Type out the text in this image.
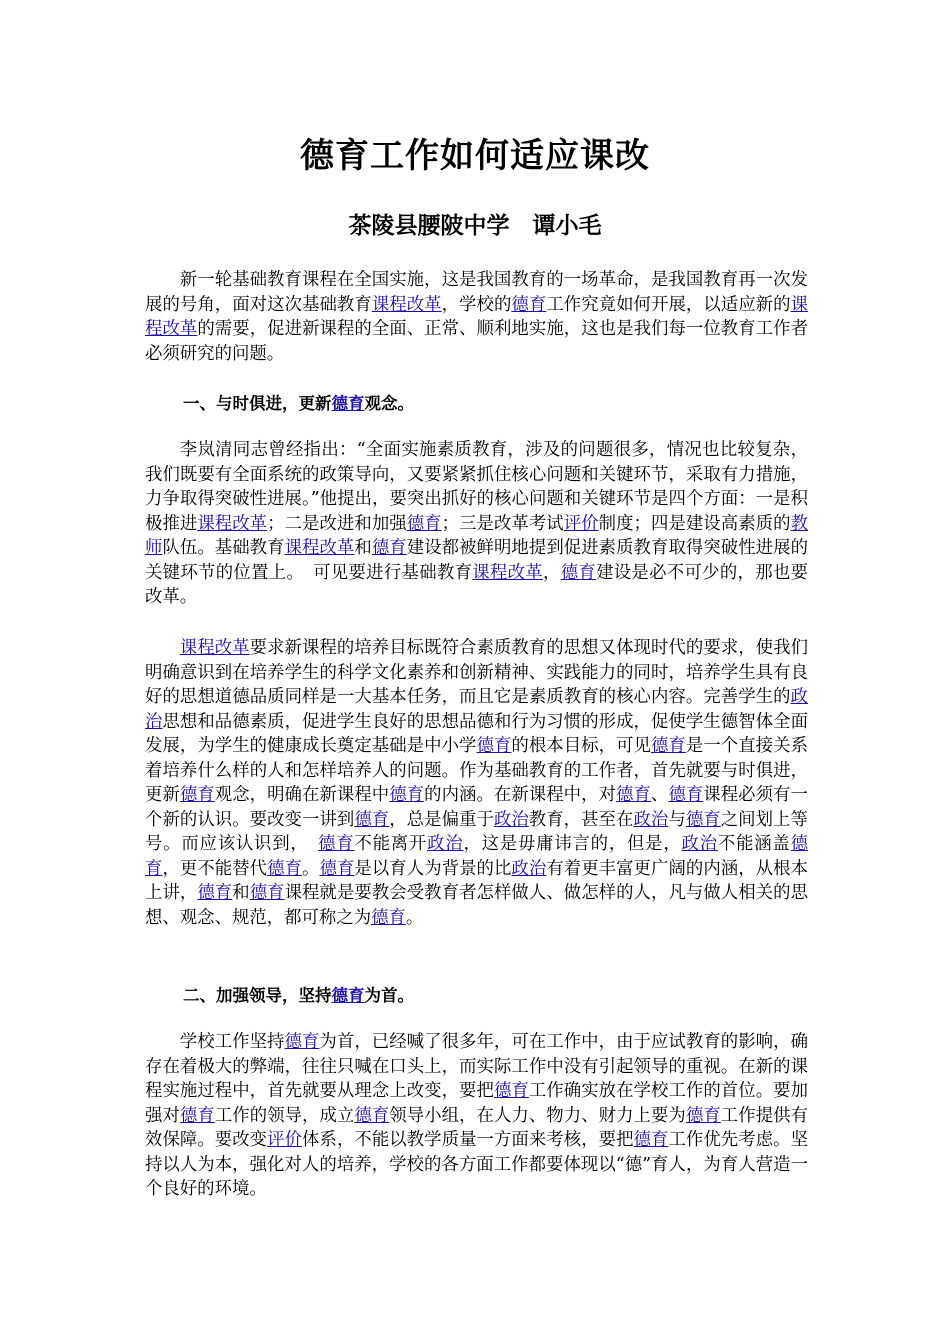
德育工作如何适应课改
茶陵县腰陂中学　谭小毛

新一轮基础教育课程在全国实施，这是我国教育的一场革命，是我国教育再一次发展的号角，面对这次基础教育课程改革，学校的德育工作究竟如何开展，以适应新的课程改革的需要，促进新课程的全面、正常、顺利地实施，这也是我们每一位教育工作者必须研究的问题。

一、与时俱进，更新德育观念。

李岚清同志曾经指出：“全面实施素质教育，涉及的问题很多，情况也比较复杂，我们既要有全面系统的政策导向，又要紧紧抓住核心问题和关键环节，采取有力措施，力争取得突破性进展。”他提出，要突出抓好的核心问题和关键环节是四个方面：一是积极推进课程改革；二是改进和加强德育；三是改革考试评价制度；四是建设高素质的教师队伍。基础教育课程改革和德育建设都被鲜明地提到促进素质教育取得突破性进展的关键环节的位置上。　可见要进行基础教育课程改革，德育建设是必不可少的，那也要改革。

课程改革要求新课程的培养目标既符合素质教育的思想又体现时代的要求，使我们明确意识到在培养学生的科学文化素养和创新精神、实践能力的同时，培养学生具有良好的思想道德品质同样是一大基本任务，而且它是素质教育的核心内容。完善学生的政治思想和品德素质，促进学生良好的思想品德和行为习惯的形成，促使学生德智体全面发展，为学生的健康成长奠定基础是中小学德育的根本目标，可见德育是一个直接关系着培养什么样的人和怎样培养人的问题。作为基础教育的工作者，首先就要与时俱进，更新德育观念，明确在新课程中德育的内涵。在新课程中，对德育、德育课程必须有一个新的认识。要改变一讲到德育，总是偏重于政治教育，甚至在政治与德育之间划上等号。而应该认识到，　德育不能离开政治，这是毋庸讳言的，但是，政治不能涵盖德育，更不能替代德育。德育是以育人为背景的比政治有着更丰富更广阔的内涵，从根本上讲，德育和德育课程就是要教会受教育者怎样做人、做怎样的人，凡与做人相关的思想、观念、规范，都可称之为德育。

二、加强领导，坚持德育为首。

学校工作坚持德育为首，已经喊了很多年，可在工作中，由于应试教育的影响，确存在着极大的弊端，往往只喊在口头上，而实际工作中没有引起领导的重视。在新的课程实施过程中，首先就要从理念上改变，要把德育工作确实放在学校工作的首位。要加强对德育工作的领导，成立德育领导小组，在人力、物力、财力上要为德育工作提供有效保障。要改变评价体系，不能以教学质量一方面来考核，要把德育工作优先考虑。坚持以人为本，强化对人的培养，学校的各方面工作都要体现以“德”育人，为育人营造一个良好的环境。
